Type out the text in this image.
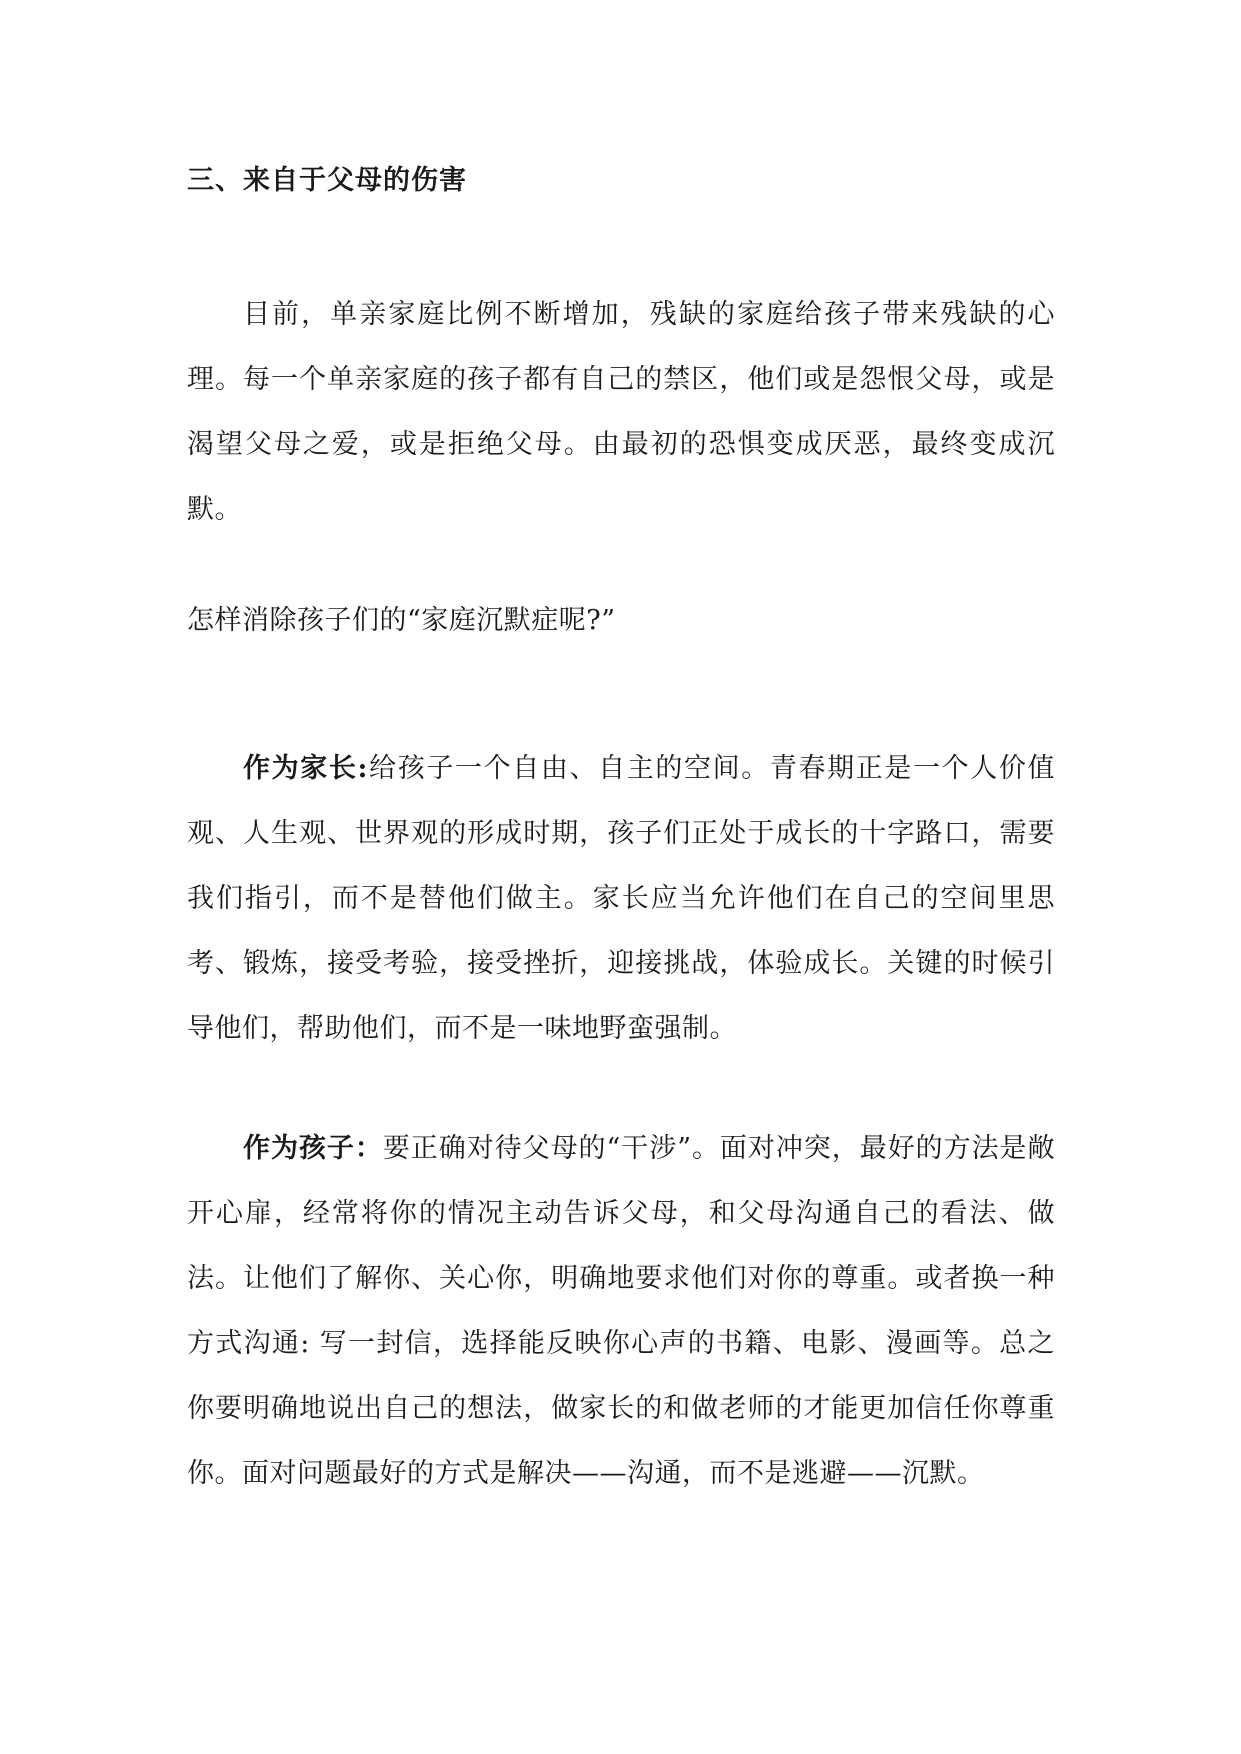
三、来自于父母的伤害

目前，单亲家庭比例不断增加，残缺的家庭给孩子带来残缺的心理。每一个单亲家庭的孩子都有自己的禁区，他们或是怨恨父母，或是渴望父母之爱，或是拒绝父母。由最初的恐惧变成厌恶，最终变成沉默。

怎样消除孩子们的“家庭沉默症呢?”

作为家长:给孩子一个自由、自主的空间。青春期正是一个人价值观、人生观、世界观的形成时期，孩子们正处于成长的十字路口，需要我们指引，而不是替他们做主。家长应当允许他们在自己的空间里思考、锻炼，接受考验，接受挫折，迎接挑战，体验成长。关键的时候引导他们，帮助他们，而不是一味地野蛮强制。

作为孩子：要正确对待父母的“干涉”。面对冲突，最好的方法是敞开心扉，经常将你的情况主动告诉父母，和父母沟通自己的看法、做法。让他们了解你、关心你，明确地要求他们对你的尊重。或者换一种方式沟通: 写一封信，选择能反映你心声的书籍、电影、漫画等。总之你要明确地说出自己的想法，做家长的和做老师的才能更加信任你尊重你。面对问题最好的方式是解决——沟通，而不是逃避——沉默。
